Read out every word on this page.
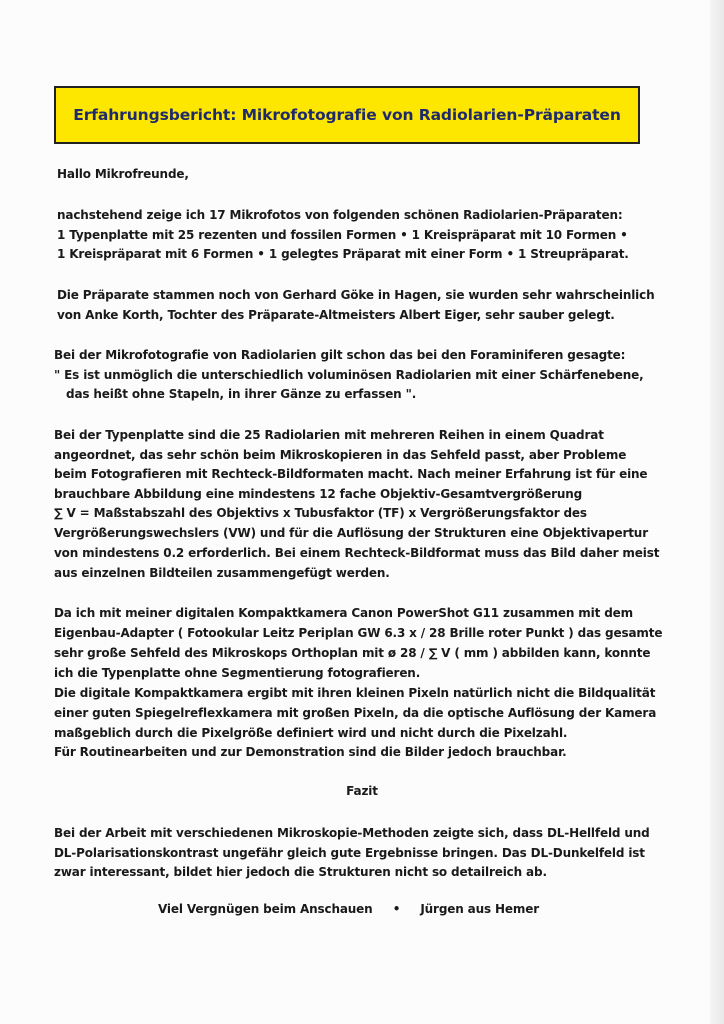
Erfahrungsbericht: Mikrofotografie von Radiolarien-Präparaten
Hallo Mikrofreunde,
nachstehend zeige ich 17 Mikrofotos von folgenden schönen Radiolarien-Präparaten:
1 Typenplatte mit 25 rezenten und fossilen Formen • 1 Kreispräparat mit 10 Formen •
1 Kreispräparat mit 6 Formen • 1 gelegtes Präparat mit einer Form • 1 Streupräparat.
Die Präparate stammen noch von Gerhard Göke in Hagen, sie wurden sehr wahrscheinlich
von Anke Korth, Tochter des Präparate-Altmeisters Albert Eiger, sehr sauber gelegt.
Bei der Mikrofotografie von Radiolarien gilt schon das bei den Foraminiferen gesagte:
" Es ist unmöglich die unterschiedlich voluminösen Radiolarien mit einer Schärfenebene,
das heißt ohne Stapeln, in ihrer Gänze zu erfassen ".
Bei der Typenplatte sind die 25 Radiolarien mit mehreren Reihen in einem Quadrat
angeordnet, das sehr schön beim Mikroskopieren in das Sehfeld passt, aber Probleme
beim Fotografieren mit Rechteck-Bildformaten macht. Nach meiner Erfahrung ist für eine
brauchbare Abbildung eine mindestens 12 fache Objektiv-Gesamtvergrößerung
∑ V = Maßstabszahl des Objektivs x Tubusfaktor (TF) x Vergrößerungsfaktor des
Vergrößerungswechslers (VW) und für die Auflösung der Strukturen eine Objektivapertur
von mindestens 0.2 erforderlich. Bei einem Rechteck-Bildformat muss das Bild daher meist
aus einzelnen Bildteilen zusammengefügt werden.
Da ich mit meiner digitalen Kompaktkamera Canon PowerShot G11 zusammen mit dem
Eigenbau-Adapter ( Fotookular Leitz Periplan GW 6.3 x / 28 Brille roter Punkt ) das gesamte
sehr große Sehfeld des Mikroskops Orthoplan mit ø 28 / ∑ V ( mm ) abbilden kann, konnte
ich die Typenplatte ohne Segmentierung fotografieren.
Die digitale Kompaktkamera ergibt mit ihren kleinen Pixeln natürlich nicht die Bildqualität
einer guten Spiegelreflexkamera mit großen Pixeln, da die optische Auflösung der Kamera
maßgeblich durch die Pixelgröße definiert wird und nicht durch die Pixelzahl.
Für Routinearbeiten und zur Demonstration sind die Bilder jedoch brauchbar.
Fazit
Bei der Arbeit mit verschiedenen Mikroskopie-Methoden zeigte sich, dass DL-Hellfeld und
DL-Polarisationskontrast ungefähr gleich gute Ergebnisse bringen. Das DL-Dunkelfeld ist
zwar interessant, bildet hier jedoch die Strukturen nicht so detailreich ab.
Viel Vergnügen beim Anschauen     •     Jürgen aus Hemer
